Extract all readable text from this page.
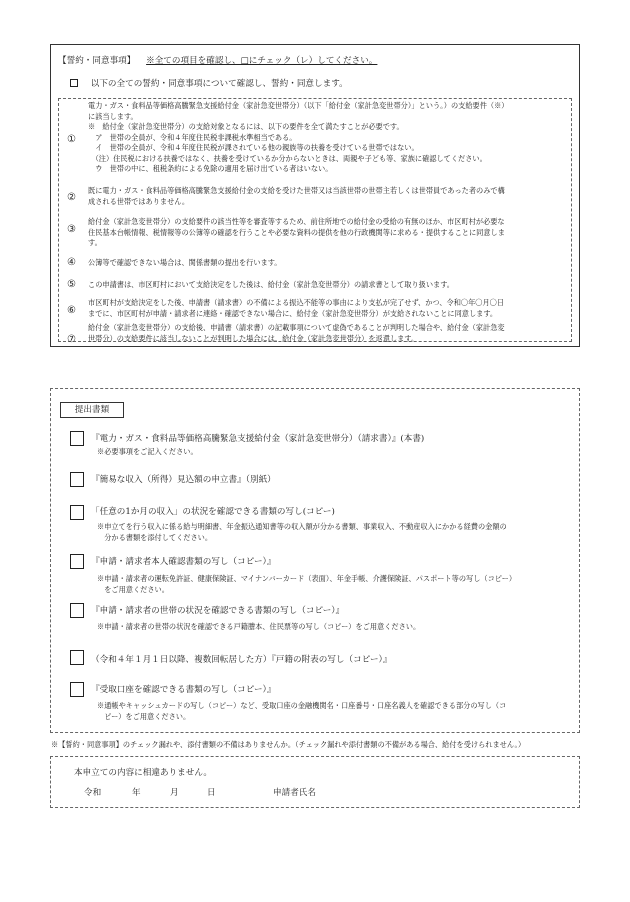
【誓約・同意事項】 ※全ての項目を確認し、□にチェック（レ）してください。
以下の全ての誓約・同意事項について確認し、誓約・同意します。
①
電力・ガス・食料品等価格高騰緊急支援給付金（家計急変世帯分）（以下「給付金（家計急変世帯分）」という。）の支給要件（※）
に該当します。
※　給付金（家計急変世帯分）の支給対象となるには、以下の要件を全て満たすことが必要です。
　ア　世帯の全員が、令和４年度住民税非課税水準相当である。
　イ　世帯の全員が、令和４年度住民税が課されている他の親族等の扶養を受けている世帯ではない。
　（注）住民税における扶養ではなく、扶養を受けているか分からないときは、両親や子ども等、家族に確認してください。
　ウ　世帯の中に、租税条約による免除の適用を届け出ている者はいない。
②
既に電力・ガス・食料品等価格高騰緊急支援給付金の支給を受けた世帯又は当該世帯の世帯主若しくは世帯員であった者のみで構
成される世帯ではありません。
③
給付金（家計急変世帯分）の支給要件の該当性等を審査等するため、前住所地での給付金の受給の有無のほか、市区町村が必要な
住民基本台帳情報、税情報等の公簿等の確認を行うことや必要な資料の提供を他の行政機関等に求める・提供することに同意しま
す。
④ 公簿等で確認できない場合は、関係書類の提出を行います。
⑤ この申請書は、市区町村において支給決定をした後は、給付金（家計急変世帯分）の請求書として取り扱います。
⑥
市区町村が支給決定をした後、申請書（請求書）の不備による振込不能等の事由により支払が完了せず、かつ、令和〇年〇月〇日
までに、市区町村が申請・請求者に連絡・確認できない場合に、給付金（家計急変世帯分）が支給されないことに同意します。
⑦
給付金（家計急変世帯分）の支給後、申請書（請求書）の記載事項について虚偽であることが判明した場合や、給付金（家計急変
世帯分）の支給要件に該当しないことが判明した場合には、給付金（家計急変世帯分）を返還します。
提出書類
『電力・ガス・食料品等価格高騰緊急支援給付金（家計急変世帯分）（請求書）』(本書)
※必要事項をご記入ください。
『簡易な収入（所得）見込額の申立書』（別紙）
「任意の1か月の収入」の状況を確認できる書類の写し(コピー)
※申立てを行う収入に係る給与明細書、年金振込通知書等の収入額が分かる書類、事業収入、不動産収入にかかる経費の金額の
　分かる書類を添付してください。
『申請・請求者本人確認書類の写し（コピー）』
※申請・請求者の運転免許証、健康保険証、マイナンバーカード（表面）、年金手帳、介護保険証、パスポート等の写し（コピー）
　をご用意ください。
『申請・請求者の世帯の状況を確認できる書類の写し（コピー）』
※申請・請求者の世帯の状況を確認できる戸籍謄本、住民票等の写し（コピー）をご用意ください。
（令和４年１月１日以降、複数回転居した方）『戸籍の附表の写し（コピー）』
『受取口座を確認できる書類の写し（コピー）』
※通帳やキャッシュカードの写し（コピー）など、受取口座の金融機関名・口座番号・口座名義人を確認できる部分の写し（コ
　ピー）をご用意ください。
※【誓約・同意事項】のチェック漏れや、添付書類の不備はありませんか。（チェック漏れや添付書類の不備がある場合、給付を受けられません。）
本申立ての内容に相違ありません。
令和	年	月	日	申請者氏名
